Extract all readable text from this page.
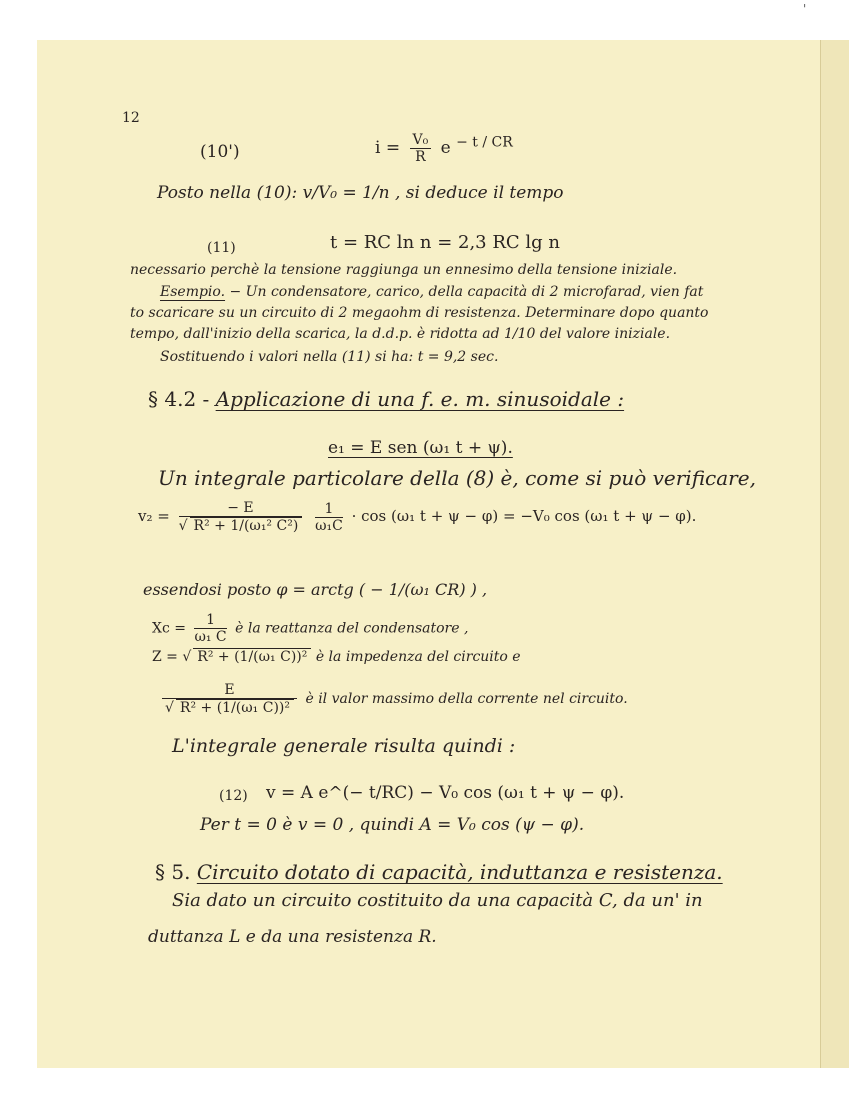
'
12
(10')	$i = \frac{\text{V₀}}{R}$ e $^{- t / CR}$
Posto nella (10): v/V₀ = 1/n , si deduce il tempo
(11)	t = RC ln n = 2,3 RC lg n
necessario perchè la tensione raggiunga un ennesimo della tensione iniziale.
Esempio. − Un condensatore, carico, della capacità di 2 microfarad, vien fat
to scaricare su un circuito di 2 megaohm di resistenza. Determinare dopo quanto
tempo, dall'inizio della scarica, la d.d.p. è ridotta ad 1/10 del valore iniziale.
Sostituendo i valori nella (11) si ha: t = 9,2 sec.
§ 4.2 - Applicazione di una f. e. m. sinusoidale :
e₁ = E sen (ω₁ t + ψ).
Un integrale particolare della (8) è, come si può verificare,
$v_2 = \frac{- E}{\text{√ R² + 1/(ω₁² C²)}}$
$\frac{1}{\text{ω₁C}} \cdot \cos (\omega_1$ t + ψ − φ) = −V₀ cos (ω₁ t + ψ − φ).
essendosi posto φ = arctg ( − 1/(ω₁ CR) ) ,
$Xc = \frac{1}{\text{ω₁ C}}$ è la reattanza del condensatore ,
Z = √ R² + (1/(ω₁ C))² è la impedenza del circuito e
$\frac{E}{\text{√ R² + (1/(ω₁ C))²}}$ è il valor massimo della corrente nel circuito.
L'integrale generale risulta quindi :
(12) v = A e^(− t/RC) − V₀ cos (ω₁ t + ψ − φ).
Per t = 0 è v = 0 , quindi A = V₀ cos (ψ − φ).
§ 5. Circuito dotato di capacità, induttanza e resistenza.
Sia dato un circuito costituito da una capacità C, da un' in
duttanza L e da una resistenza R.
